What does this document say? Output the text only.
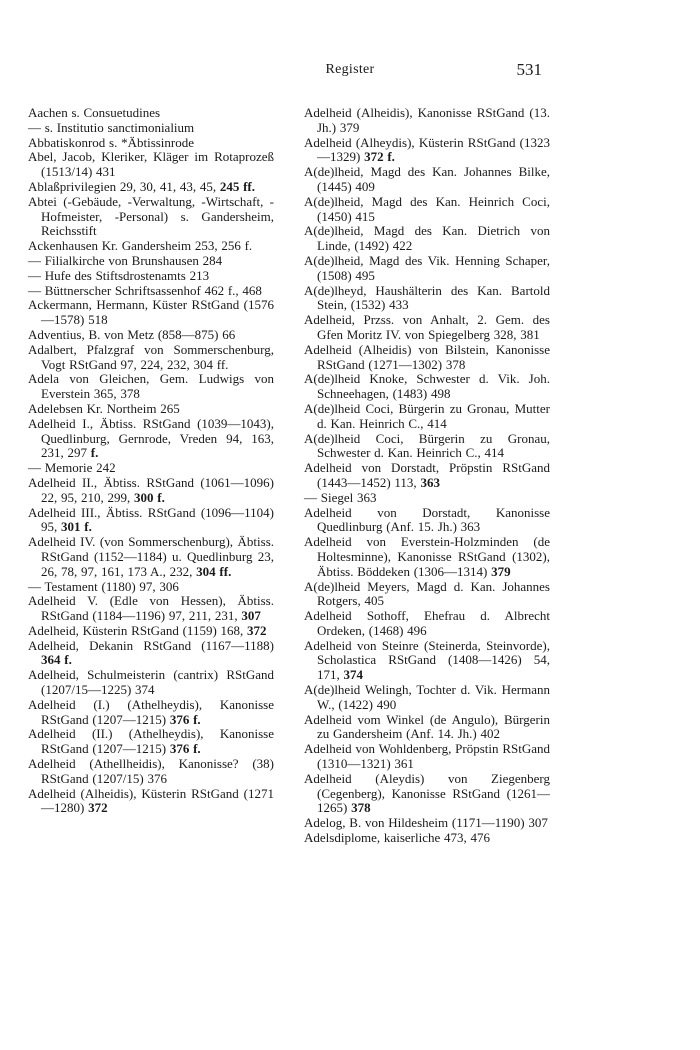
Register	531

Aachen s. Consuetudines

— s. Institutio sanctimonialium

Abbatiskonrod s. *Äbtissinrode

Abel, Jacob, Kleriker, Kläger im Rotaprozeß (1513/14) 431

Ablaßprivilegien 29, 30, 41, 43, 45, 245 ff.

Abtei (-Gebäude, -Verwaltung, -Wirtschaft, -Hofmeister, -Personal) s. Gandersheim, Reichsstift

Ackenhausen Kr. Gandersheim 253, 256 f.

— Filialkirche von Brunshausen 284

— Hufe des Stiftsdrostenamts 213

— Büttnerscher Schriftsassenhof 462 f., 468

Ackermann, Hermann, Küster RStGand (1576—1578) 518

Adventius, B. von Metz (858—875) 66

Adalbert, Pfalzgraf von Sommerschenburg, Vogt RStGand 97, 224, 232, 304 ff.

Adela von Gleichen, Gem. Ludwigs von Everstein 365, 378

Adelebsen Kr. Northeim 265

Adelheid I., Äbtiss. RStGand (1039—1043), Quedlinburg, Gernrode, Vreden 94, 163, 231, 297 f.

— Memorie 242

Adelheid II., Äbtiss. RStGand (1061—1096) 22, 95, 210, 299, 300 f.

Adelheid III., Äbtiss. RStGand (1096—1104) 95, 301 f.

Adelheid IV. (von Sommerschenburg), Äbtiss. RStGand (1152—1184) u. Quedlinburg 23, 26, 78, 97, 161, 173 A., 232, 304 ff.

— Testament (1180) 97, 306

Adelheid V. (Edle von Hessen), Äbtiss. RStGand (1184—1196) 97, 211, 231, 307

Adelheid, Küsterin RStGand (1159) 168, 372

Adelheid, Dekanin RStGand (1167—1188) 364 f.

Adelheid, Schulmeisterin (cantrix) RStGand (1207/15—1225) 374

Adelheid (I.) (Athelheydis), Kanonisse RStGand (1207—1215) 376 f.

Adelheid (II.) (Athelheydis), Kanonisse RStGand (1207—1215) 376 f.

Adelheid (Athellheidis), Kanonisse? (38) RStGand (1207/15) 376

Adelheid (Alheidis), Küsterin RStGand (1271—1280) 372

Adelheid (Alheidis), Kanonisse RStGand (13. Jh.) 379

Adelheid (Alheydis), Küsterin RStGand (1323—1329) 372 f.

A(de)lheid, Magd des Kan. Johannes Bilke, (1445) 409

A(de)lheid, Magd des Kan. Heinrich Coci, (1450) 415

A(de)lheid, Magd des Kan. Dietrich von Linde, (1492) 422

A(de)lheid, Magd des Vik. Henning Schaper, (1508) 495

A(de)lheyd, Haushälterin des Kan. Bartold Stein, (1532) 433

Adelheid, Przss. von Anhalt, 2. Gem. des Gfen Moritz IV. von Spiegelberg 328, 381

Adelheid (Alheidis) von Bilstein, Kanonisse RStGand (1271—1302) 378

A(de)lheid Knoke, Schwester d. Vik. Joh. Schneehagen, (1483) 498

A(de)lheid Coci, Bürgerin zu Gronau, Mutter d. Kan. Heinrich C., 414

A(de)lheid Coci, Bürgerin zu Gronau, Schwester d. Kan. Heinrich C., 414

Adelheid von Dorstadt, Pröpstin RStGand (1443—1452) 113, 363

— Siegel 363

Adelheid von Dorstadt, Kanonisse Quedlinburg (Anf. 15. Jh.) 363

Adelheid von Everstein-Holzminden (de Holtesminne), Kanonisse RStGand (1302), Äbtiss. Böddeken (1306—1314) 379

A(de)lheid Meyers, Magd d. Kan. Johannes Rotgers, 405

Adelheid Sothoff, Ehefrau d. Albrecht Ordeken, (1468) 496

Adelheid von Steinre (Steinerda, Steinvorde), Scholastica RStGand (1408—1426) 54, 171, 374

A(de)lheid Welingh, Tochter d. Vik. Hermann W., (1422) 490

Adelheid vom Winkel (de Angulo), Bürgerin zu Gandersheim (Anf. 14. Jh.) 402

Adelheid von Wohldenberg, Pröpstin RStGand (1310—1321) 361

Adelheid (Aleydis) von Ziegenberg (Cegenberg), Kanonisse RStGand (1261—1265) 378

Adelog, B. von Hildesheim (1171—1190) 307

Adelsdiplome, kaiserliche 473, 476
